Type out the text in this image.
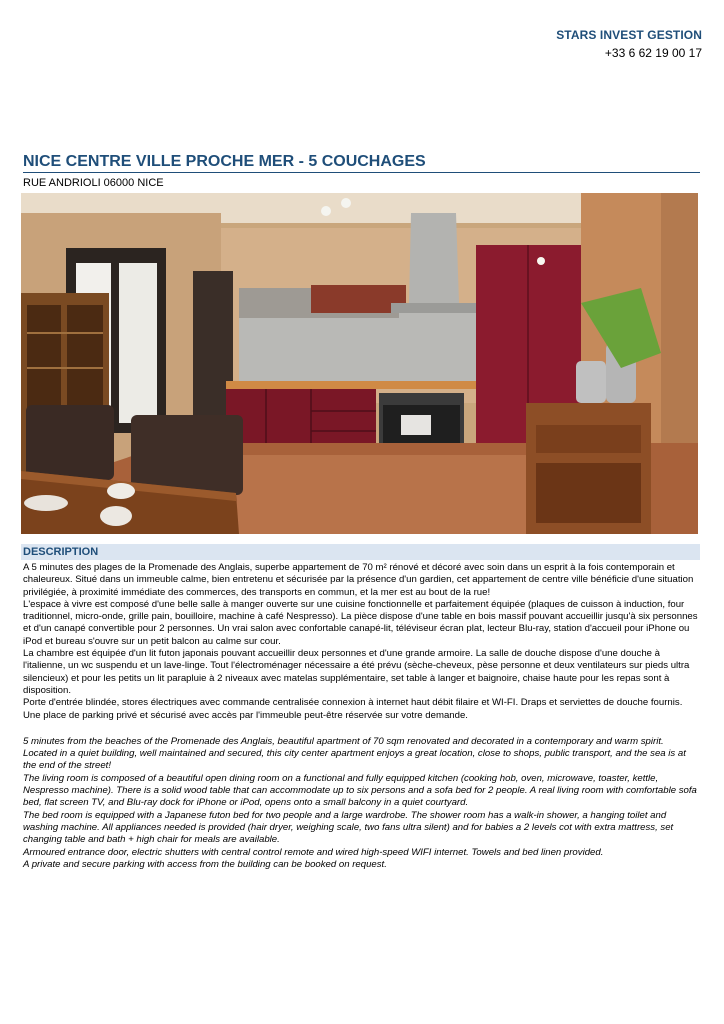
STARS INVEST GESTION
+33 6 62 19 00 17
NICE CENTRE VILLE PROCHE MER - 5 COUCHAGES
RUE ANDRIOLI 06000 NICE
DESCRIPTION

A 5 minutes des plages de la Promenade des Anglais, superbe appartement de 70 m² rénové et décoré avec soin dans un esprit à la fois contemporain et chaleureux. Situé dans un immeuble calme, bien entretenu et sécurisée par la présence d'un gardien, cet appartement de centre ville bénéficie d'une situation privilégiée, à proximité immédiate des commerces, des transports en commun, et la mer est au bout de la rue!

L'espace à vivre est composé d'une belle salle à manger ouverte sur une cuisine fonctionnelle et parfaitement équipée (plaques de cuisson à induction, four traditionnel, micro-onde, grille pain, bouilloire, machine à café Nespresso). La pièce dispose d'une table en bois massif pouvant accueillir jusqu'à six personnes et d'un canapé convertible pour 2 personnes. Un vrai salon avec confortable canapé-lit, téléviseur écran plat, lecteur Blu-ray, station d'accueil pour iPhone ou iPod et bureau s'ouvre sur un petit balcon au calme sur cour.

La chambre est équipée d'un lit futon japonais pouvant accueillir deux personnes et d'une grande armoire. La salle de douche dispose d'une douche à l'italienne, un wc suspendu et un lave-linge. Tout l'électroménager nécessaire a été prévu (sèche-cheveux, pèse personne et deux ventilateurs sur pieds ultra silencieux) et pour les petits un lit parapluie à 2 niveaux avec matelas supplémentaire, set table à langer et baignoire, chaise haute pour les repas sont à disposition.

Porte d'entrée blindée, stores électriques avec commande centralisée connexion à internet haut débit filaire et WI-FI. Draps et serviettes de douche fournis.

Une place de parking privé et sécurisé avec accès par l'immeuble peut-être réservée sur votre demande.

5 minutes from the beaches of the Promenade des Anglais, beautiful apartment of 70 sqm renovated and decorated in a contemporary and warm spirit. Located in a quiet building, well maintained and secured, this city center apartment enjoys a great location, close to shops, public transport, and the sea is at the end of the street!

The living room is composed of a beautiful open dining room on a functional and fully equipped kitchen (cooking hob, oven, microwave, toaster, kettle, Nespresso machine). There is a solid wood table that can accommodate up to six persons and a sofa bed for 2 people. A real living room with comfortable sofa bed, flat screen TV, and Blu-ray dock for iPhone or iPod, opens onto a small balcony in a quiet courtyard.

The bed room is equipped with a Japanese futon bed for two people and a large wardrobe. The shower room has a walk-in shower, a hanging toilet and washing machine. All appliances needed is provided (hair dryer, weighing scale, two fans ultra silent) and for babies a 2 levels cot with extra mattress, set changing table and bath + high chair for meals are available.

Armoured entrance door, electric shutters with central control remote and wired high-speed WIFI internet. Towels and bed linen provided.

A private and secure parking with access from the building can be booked on request.
